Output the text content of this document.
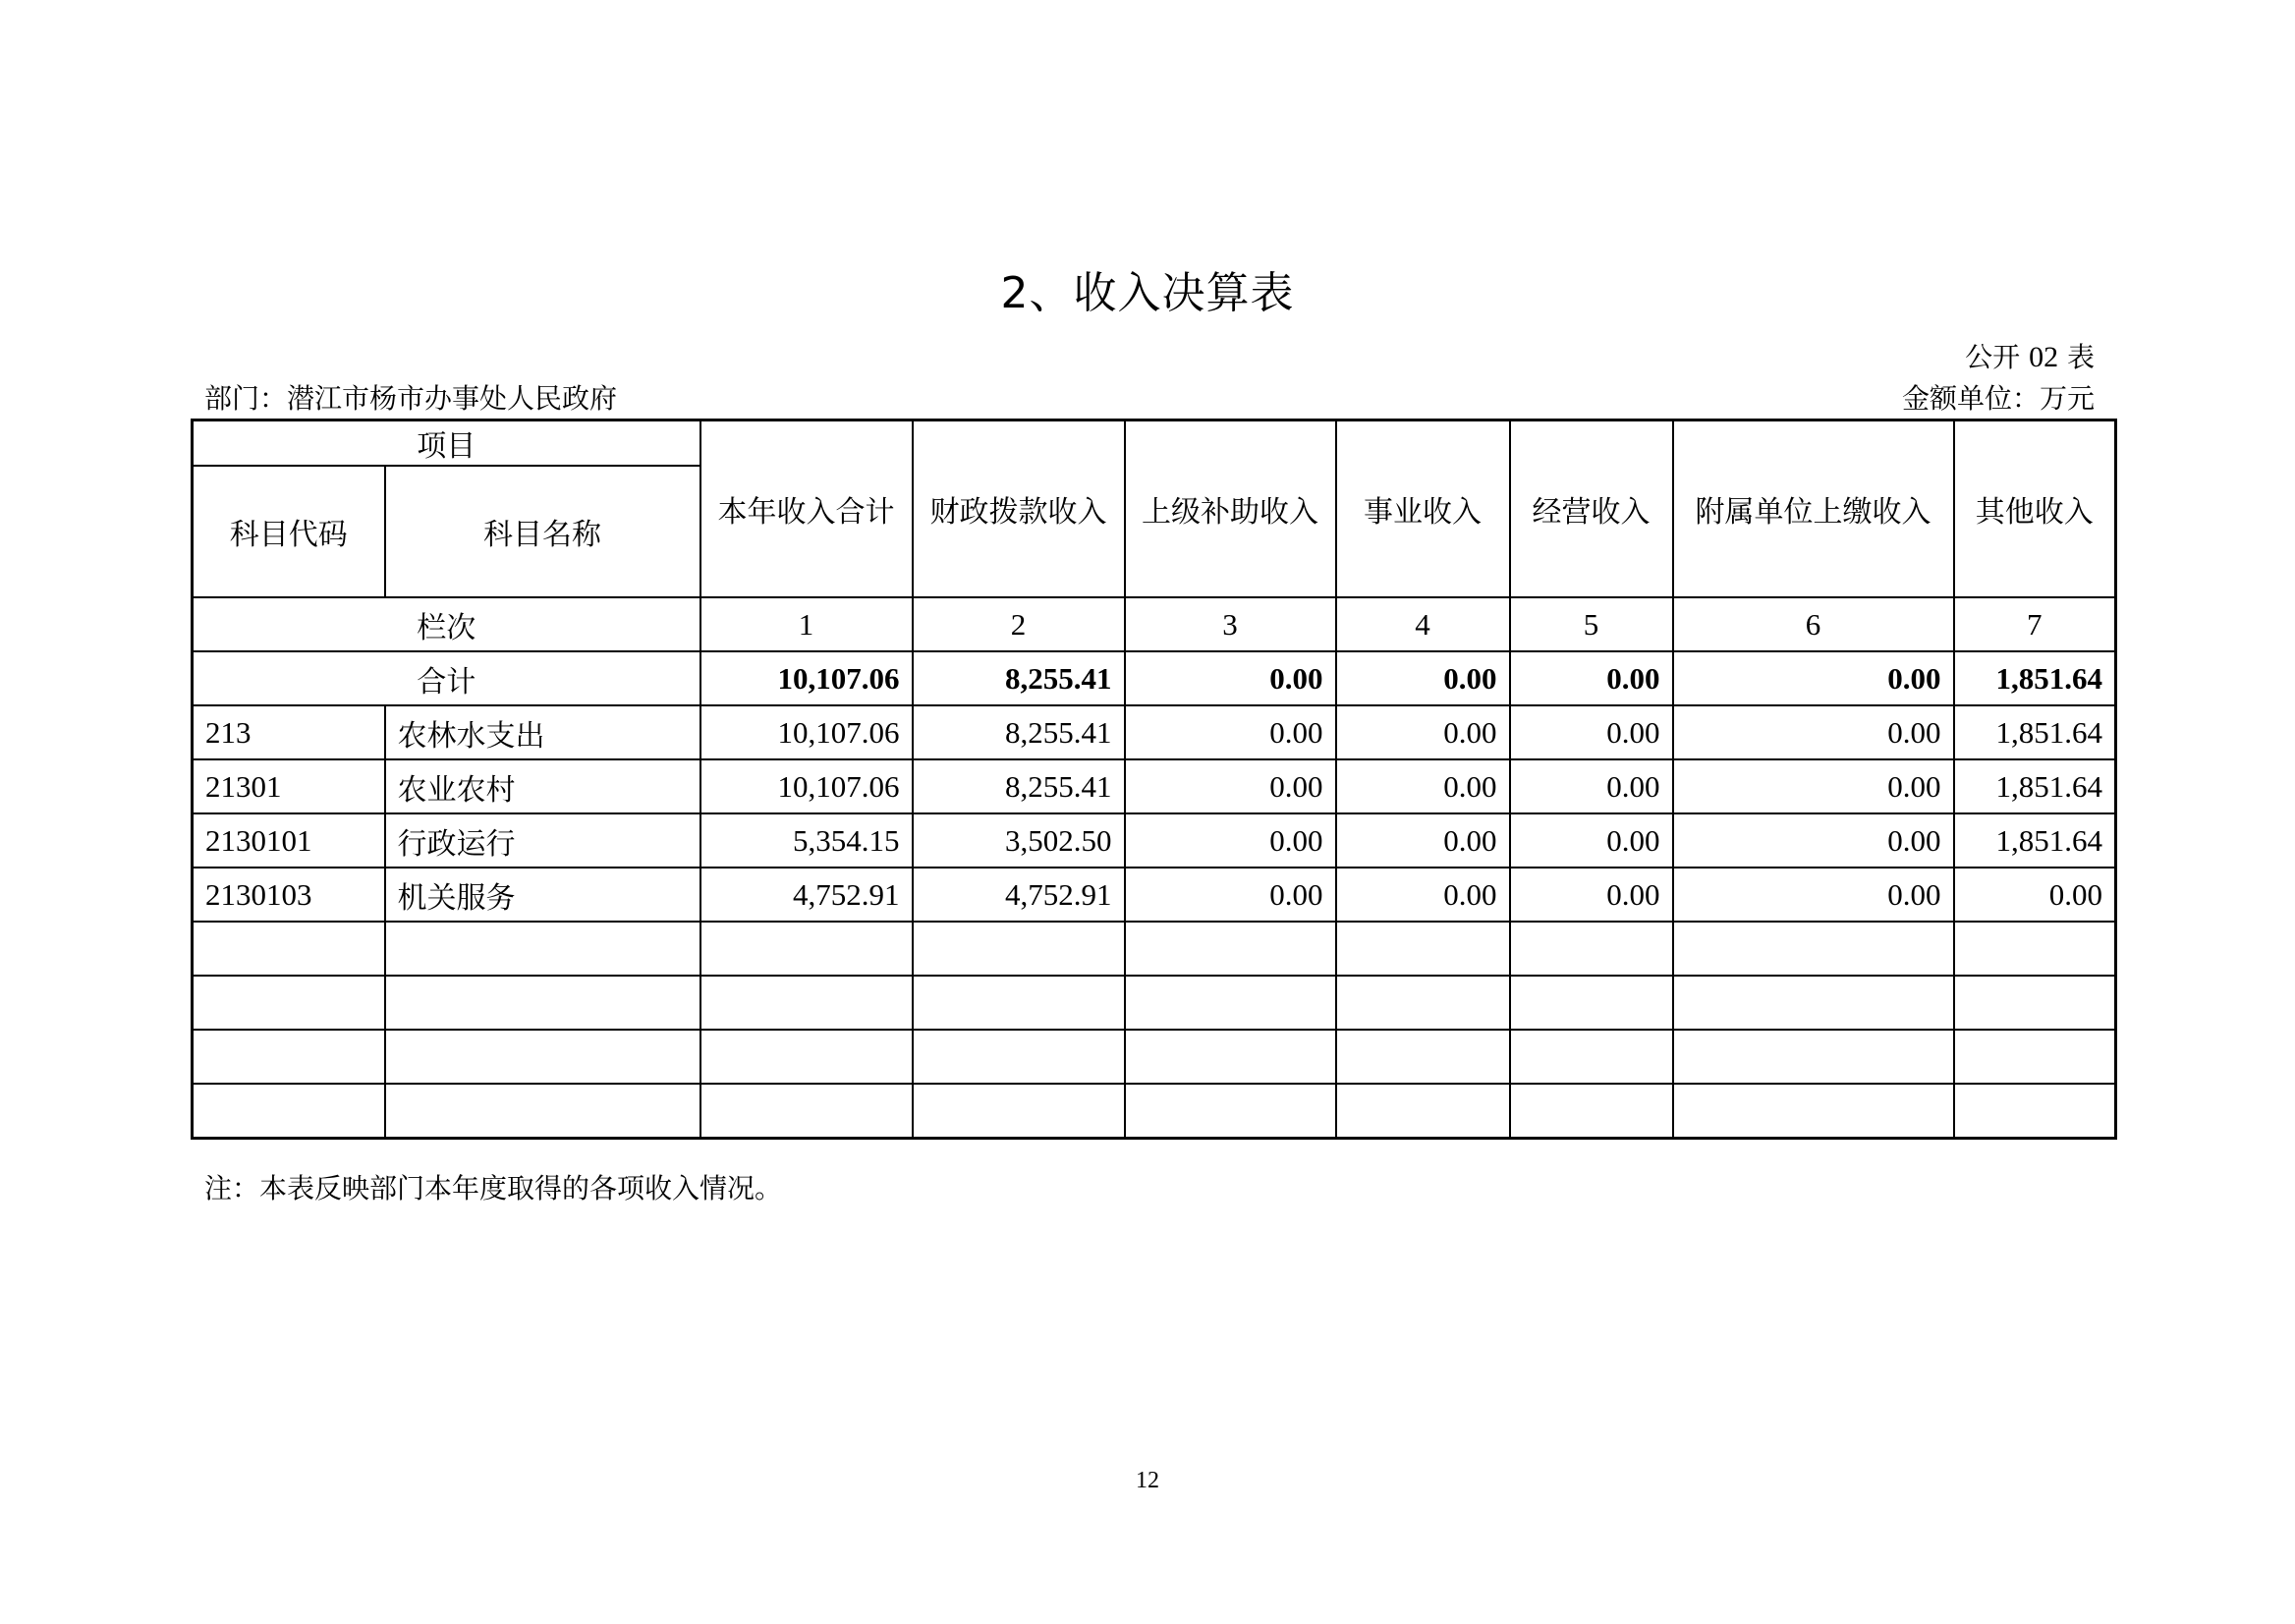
2、收入决算表
公开 02 表
部门：潜江市杨市办事处人民政府	金额单位：万元
项目		本年收入合计	财政拨款收入	上级补助收入	事业收入	经营收入	附属单位上缴收入	其他收入
科目代码	科目名称							
栏次		1	2	3	4	5	6	7
合计		10,107.06	8,255.41	0.00	0.00	0.00	0.00	1,851.64
213	农林水支出	10,107.06	8,255.41	0.00	0.00	0.00	0.00	1,851.64
21301	农业农村	10,107.06	8,255.41	0.00	0.00	0.00	0.00	1,851.64
2130101	行政运行	5,354.15	3,502.50	0.00	0.00	0.00	0.00	1,851.64
2130103	机关服务	4,752.91	4,752.91	0.00	0.00	0.00	0.00	0.00

注：本表反映部门本年度取得的各项收入情况。
12
